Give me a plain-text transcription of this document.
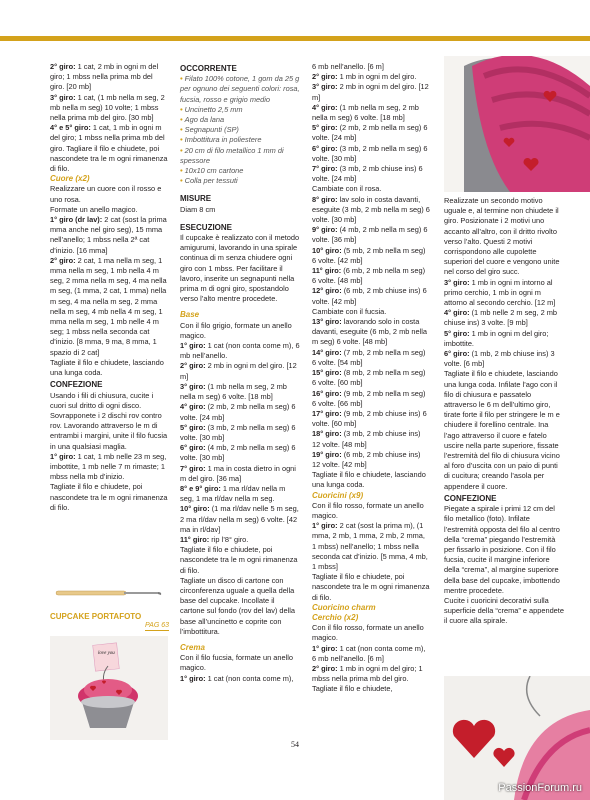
2° giro: 1 cat, 2 mb in ogni m del giro; 1 mbss nella prima mb del giro. [20 mb]

3° giro: 1 cat, (1 mb nella m seg, 2 mb nella m seg) 10 volte; 1 mbss nella prima mb del giro. [30 mb]

4° e 5° giro: 1 cat, 1 mb in ogni m del giro; 1 mbss nella prima mb del giro. Tagliare il filo e chiudete, poi nascondete tra le m ogni rimanenza di filo.

Cuore (x2)

Realizzare un cuore con il rosso e uno rosa.

Formate un anello magico.

1° giro (dr lav): 2 cat (sost la prima mma anche nel giro seg), 15 mma nell’anello; 1 mbss nella 2ª cat d’inizio. [16 mma]

2° giro: 2 cat, 1 ma nella m seg, 1 mma nella m seg, 1 mb nella 4 m seg, 2 mma nella m seg, 4 ma nella m seg, (1 mma, 2 cat, 1 mma) nella m seg, 4 ma nella m seg, 2 mma nella m seg, 4 mb nella 4 m seg, 1 mma nella m seg, 1 mb nelle 4 m seg; 1 mbss nella seconda cat d’inizio. [8 mma, 9 ma, 8 mma, 1 spazio di 2 cat]

Tagliate il filo e chiudete, lasciando una lunga coda.

CONFEZIONE

Usando i fili di chiusura, cucite i cuori sul dritto di ogni disco. Sovrapponete i 2 dischi rov contro rov. Lavorando attraverso le m di entrambi i margini, unite il filo fucsia in una qualsiasi maglia.

1° giro: 1 cat, 1 mb nelle 23 m seg, imbottite, 1 mb nelle 7 m rimaste; 1 mbss nella mb d’inizio.

Tagliate il filo e chiudete, poi nascondete tra le m ogni rimanenza di filo.

CUPCAKE PORTAFOTO
PAG 63
love you
OCCORRENTE
• Filato 100% cotone, 1 gom da 25 g per ognuno dei seguenti colori: rosa, fucsia, rosso e grigio medio
• Uncinetto 2,5 mm
• Ago da lana
• Segnapunti (SP)
• Imbottitura in poliestere
• 20 cm di filo metallico 1 mm di spessore
• 10x10 cm cartone
• Colla per tessuti
MISURE

Diam 8 cm

ESECUZIONE

Il cupcake è realizzato con il metodo amigurumi, lavorando in una spirale continua di m senza chiudere ogni giro con 1 mbss. Per facilitare il lavoro, inserite un segnapunti nella prima m di ogni giro, spostandolo verso l’alto mentre procedete.

Base

Con il filo grigio, formate un anello magico.

1° giro: 1 cat (non conta come m), 6 mb nell’anello.

2° giro: 2 mb in ogni m del giro. [12 m]

3° giro: (1 mb nella m seg, 2 mb nella m seg) 6 volte. [18 mb]

4° giro: (2 mb, 2 mb nella m seg) 6 volte. [24 mb]

5° giro: (3 mb, 2 mb nella m seg) 6 volte. [30 mb]

6° giro: (4 mb, 2 mb nella m seg) 6 volte. [30 mb]

7° giro: 1 ma in costa dietro in ogni m del giro. [36 ma]

8° e 9° giro: 1 ma rl/dav nella m seg, 1 ma rl/dav nella m seg.

10° giro: (1 ma rl/dav nelle 5 m seg, 2 ma rl/dav nella m seg) 6 volte. [42 ma in rl/dav]

11° giro: rip l’8° giro.

Tagliate il filo e chiudete, poi nascondete tra le m ogni rimanenza di filo.

Tagliate un disco di cartone con circonferenza uguale a quella della base del cupcake. Incollate il cartone sul fondo (rov del lav) della base all’uncinetto e coprite con l’imbottitura.

Crema

Con il filo fucsia, formate un anello magico.

1° giro: 1 cat (non conta come m),

6 mb nell’anello. [6 m]

2° giro: 1 mb in ogni m del giro.

3° giro: 2 mb in ogni m del giro. [12 m]

4° giro: (1 mb nella m seg, 2 mb nella m seg) 6 volte. [18 mb]

5° giro: (2 mb, 2 mb nella m seg) 6 volte. [24 mb]

6° giro: (3 mb, 2 mb nella m seg) 6 volte. [30 mb]

7° giro: (3 mb, 2 mb chiuse ins) 6 volte. [24 mb]

Cambiate con il rosa.

8° giro: lav solo in costa davanti, eseguite (3 mb, 2 mb nella m seg) 6 volte. [30 mb]

9° giro: (4 mb, 2 mb nella m seg) 6 volte. [36 mb]

10° giro: (5 mb, 2 mb nella m seg) 6 volte. [42 mb]

11° giro: (6 mb, 2 mb nella m seg) 6 volte. [48 mb]

12° giro: (6 mb, 2 mb chiuse ins) 6 volte. [42 mb]

Cambiate con il fucsia.

13° giro: lavorando solo in costa davanti, eseguite (6 mb, 2 mb nella m seg) 6 volte. [48 mb]

14° giro: (7 mb, 2 mb nella m seg) 6 volte. [54 mb]

15° giro: (8 mb, 2 mb nella m seg) 6 volte. [60 mb]

16° giro: (9 mb, 2 mb nella m seg) 6 volte. [66 mb]

17° giro: (9 mb, 2 mb chiuse ins) 6 volte. [60 mb]

18° giro: (3 mb, 2 mb chiuse ins) 12 volte. [48 mb]

19° giro: (6 mb, 2 mb chiuse ins) 12 volte. [42 mb]

Tagliate il filo e chiudete, lasciando una lunga coda.

Cuoricini (x9)

Con il filo rosso, formate un anello magico.

1° giro: 2 cat (sost la prima m), (1 mma, 2 mb, 1 mma, 2 mb, 2 mma, 1 mbss) nell’anello; 1 mbss nella seconda cat d’inizio. [5 mma, 4 mb, 1 mbss]

Tagliate il filo e chiudete, poi nascondete tra le m ogni rimanenza di filo.

Cuoricino charm
Cerchio (x2)

Con il filo rosso, formate un anello magico.

1° giro: 1 cat (non conta come m), 6 mb nell’anello. [6 m]

2° giro: 1 mb in ogni m del giro; 1 mbss nella prima mb del giro.

Tagliate il filo e chiudete,

Realizzate un secondo motivo uguale e, al termine non chiudete il giro. Posizionate i 2 motivi uno accanto all’altro, con il dritto rivolto verso l’alto. Questi 2 motivi corrispondono alle cupolette superiori del cuore e vengono unite nel corso del giro succ.

3° giro: 1 mb in ogni m intorno al primo cerchio, 1 mb in ogni m attorno al secondo cerchio. [12 m]

4° giro: (1 mb nelle 2 m seg, 2 mb chiuse ins) 3 volte. [9 mb]

5° giro: 1 mb in ogni m del giro; imbottite.

6° giro: (1 mb, 2 mb chiuse ins) 3 volte. [6 mb]

Tagliate il filo e chiudete, lasciando una lunga coda. Infilate l’ago con il filo di chiusura e passatelo attraverso le 6 m dell’ultimo giro, tirate forte il filo per stringere le m e chiudere il forellino centrale. Ina l’ago attraverso il cuore e fatelo uscire nella parte superiore, fissate l’estremità del filo di chiusura vicino al foro d’uscita con un paio di punti di cucitura; creando l’asola per appendere il cuore.

CONFEZIONE

Piegate a spirale i primi 12 cm del filo metallico (foto). Infilate l’estremità opposta del filo al centro della “crema” piegando l’estremità per fissarlo in posizione. Con il filo fucsia, cucite il margine inferiore della “crema”, al margine superiore della base del cupcake, imbottendo mentre procedete.

Cucite i cuoricini decorativi sulla superficie della “crema” e appendete il cuore alla spirale.

54
PassionForum.ru
